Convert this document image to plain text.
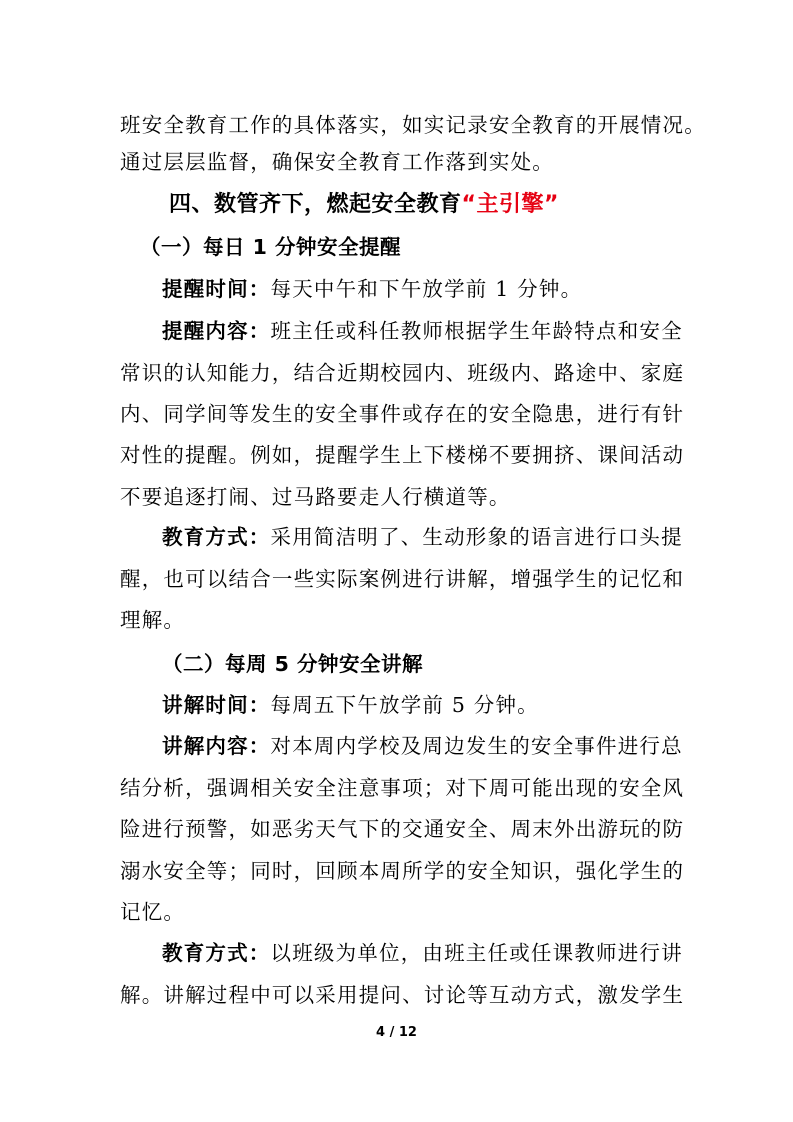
班安全教育工作的具体落实，如实记录安全教育的开展情况。
通过层层监督，确保安全教育工作落到实处。
四、数管齐下，燃起安全教育“主引擎”
（一）每日 1 分钟安全提醒
提醒时间：每天中午和下午放学前 1 分钟。
提醒内容：班主任或科任教师根据学生年龄特点和安全
常识的认知能力，结合近期校园内、班级内、路途中、家庭
内、同学间等发生的安全事件或存在的安全隐患，进行有针
对性的提醒。例如，提醒学生上下楼梯不要拥挤、课间活动
不要追逐打闹、过马路要走人行横道等。
教育方式：采用简洁明了、生动形象的语言进行口头提
醒，也可以结合一些实际案例进行讲解，增强学生的记忆和
理解。
（二）每周 5 分钟安全讲解
讲解时间：每周五下午放学前 5 分钟。
讲解内容：对本周内学校及周边发生的安全事件进行总
结分析，强调相关安全注意事项；对下周可能出现的安全风
险进行预警，如恶劣天气下的交通安全、周末外出游玩的防
溺水安全等；同时，回顾本周所学的安全知识，强化学生的
记忆。
教育方式：以班级为单位，由班主任或任课教师进行讲
解。讲解过程中可以采用提问、讨论等互动方式，激发学生
4 / 12
